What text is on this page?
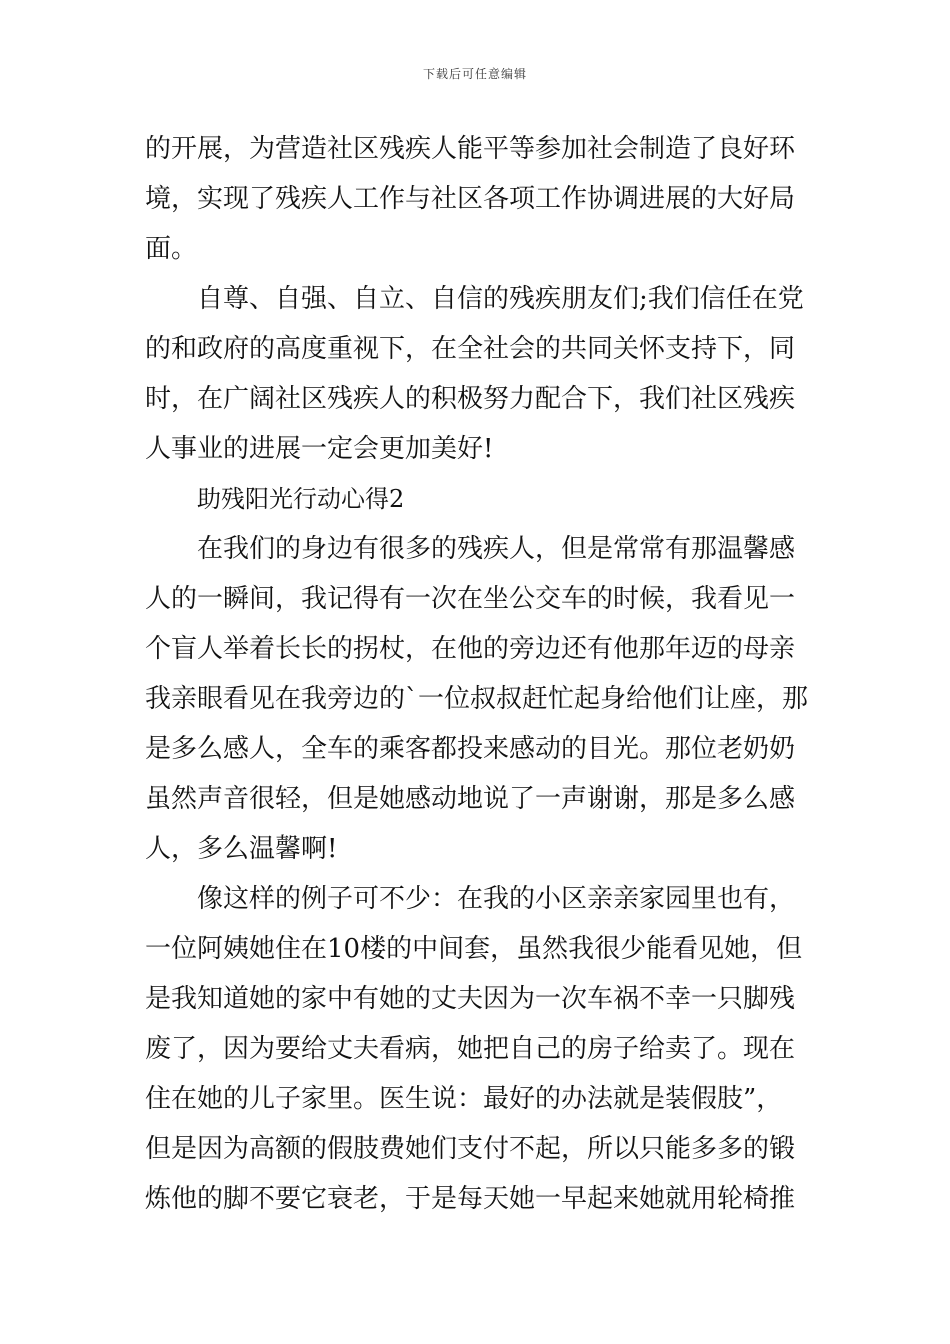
下载后可任意编辑
的开展，为营造社区残疾人能平等参加社会制造了良好环
境，实现了残疾人工作与社区各项工作协调进展的大好局
面。
自尊、自强、自立、自信的残疾朋友们;我们信任在党
的和政府的高度重视下，在全社会的共同关怀支持下，同
时，在广阔社区残疾人的积极努力配合下，我们社区残疾
人事业的进展一定会更加美好!
助残阳光行动心得2
在我们的身边有很多的残疾人，但是常常有那温馨感
人的一瞬间，我记得有一次在坐公交车的时候，我看见一
个盲人举着长长的拐杖，在他的旁边还有他那年迈的母亲
我亲眼看见在我旁边的`一位叔叔赶忙起身给他们让座，那
是多么感人，全车的乘客都投来感动的目光。那位老奶奶
虽然声音很轻，但是她感动地说了一声谢谢，那是多么感
人，多么温馨啊!
像这样的例子可不少：在我的小区亲亲家园里也有，
一位阿姨她住在10楼的中间套，虽然我很少能看见她，但
是我知道她的家中有她的丈夫因为一次车祸不幸一只脚残
废了，因为要给丈夫看病，她把自己的房子给卖了。现在
住在她的儿子家里。医生说：最好的办法就是装假肢”，
但是因为高额的假肢费她们支付不起，所以只能多多的锻
炼他的脚不要它衰老，于是每天她一早起来她就用轮椅推
